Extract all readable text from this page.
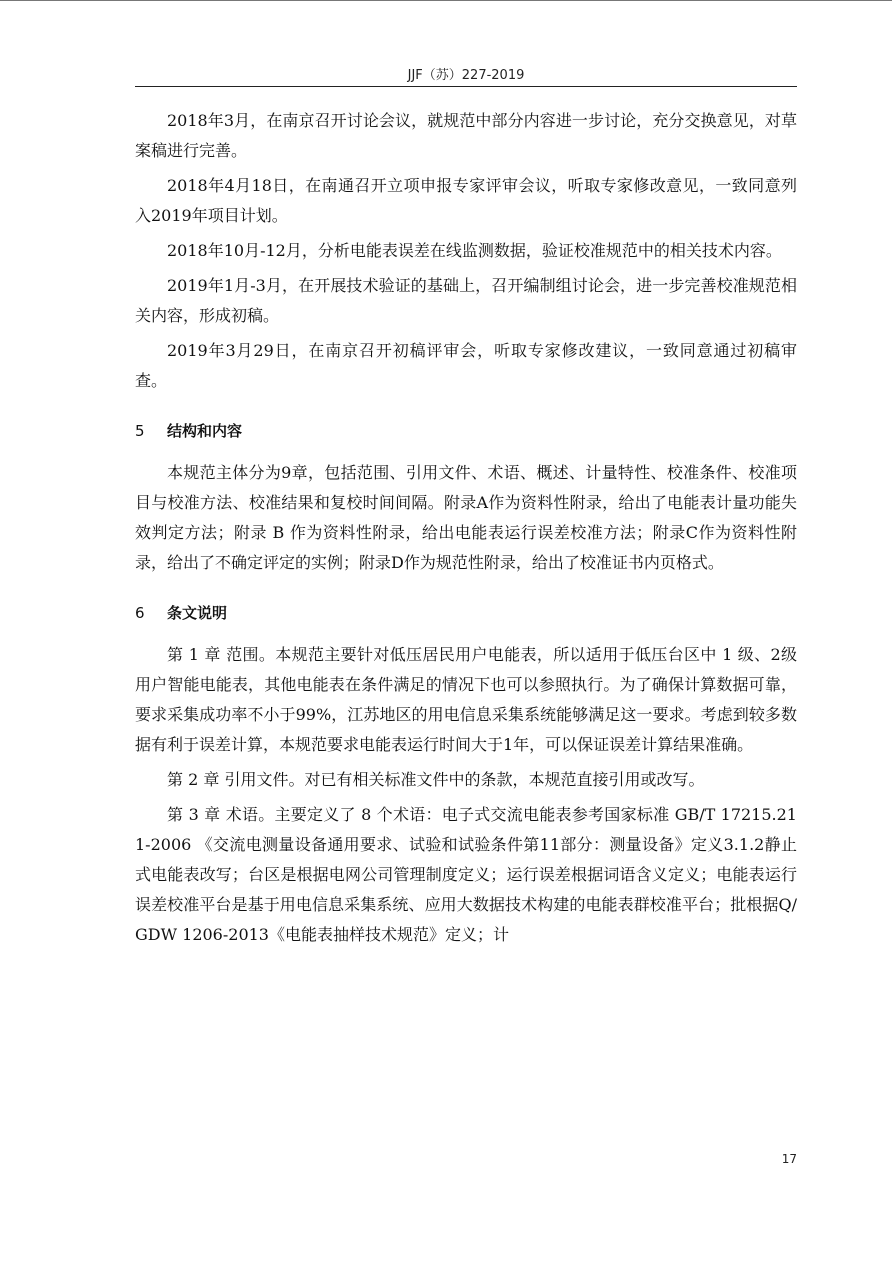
JJF（苏）227-2019

2018年3月，在南京召开讨论会议，就规范中部分内容进一步讨论，充分交换意见，对草案稿进行完善。

2018年4月18日，在南通召开立项申报专家评审会议，听取专家修改意见，一致同意列入2019年项目计划。

2018年10月-12月，分析电能表误差在线监测数据，验证校准规范中的相关技术内容。

2019年1月-3月，在开展技术验证的基础上，召开编制组讨论会，进一步完善校准规范相关内容，形成初稿。

2019年3月29日，在南京召开初稿评审会，听取专家修改建议，一致同意通过初稿审查。

5 结构和内容

本规范主体分为9章，包括范围、引用文件、术语、概述、计量特性、校准条件、校准项目与校准方法、校准结果和复校时间间隔。附录A作为资料性附录，给出了电能表计量功能失效判定方法；附录 B 作为资料性附录，给出电能表运行误差校准方法；附录C作为资料性附录，给出了不确定评定的实例；附录D作为规范性附录，给出了校准证书内页格式。

6 条文说明

第 1 章 范围。本规范主要针对低压居民用户电能表，所以适用于低压台区中 1 级、2级用户智能电能表，其他电能表在条件满足的情况下也可以参照执行。为了确保计算数据可靠，要求采集成功率不小于99%，江苏地区的用电信息采集系统能够满足这一要求。考虑到较多数据有利于误差计算，本规范要求电能表运行时间大于1年，可以保证误差计算结果准确。

第 2 章 引用文件。对已有相关标准文件中的条款，本规范直接引用或改写。

第 3 章 术语。主要定义了 8 个术语：电子式交流电能表参考国家标准 GB/T 17215.211-2006 《交流电测量设备通用要求、试验和试验条件第11部分：测量设备》定义3.1.2静止式电能表改写；台区是根据电网公司管理制度定义；运行误差根据词语含义定义；电能表运行误差校准平台是基于用电信息采集系统、应用大数据技术构建的电能表群校准平台；批根据Q/GDW 1206-2013《电能表抽样技术规范》定义；计

17
